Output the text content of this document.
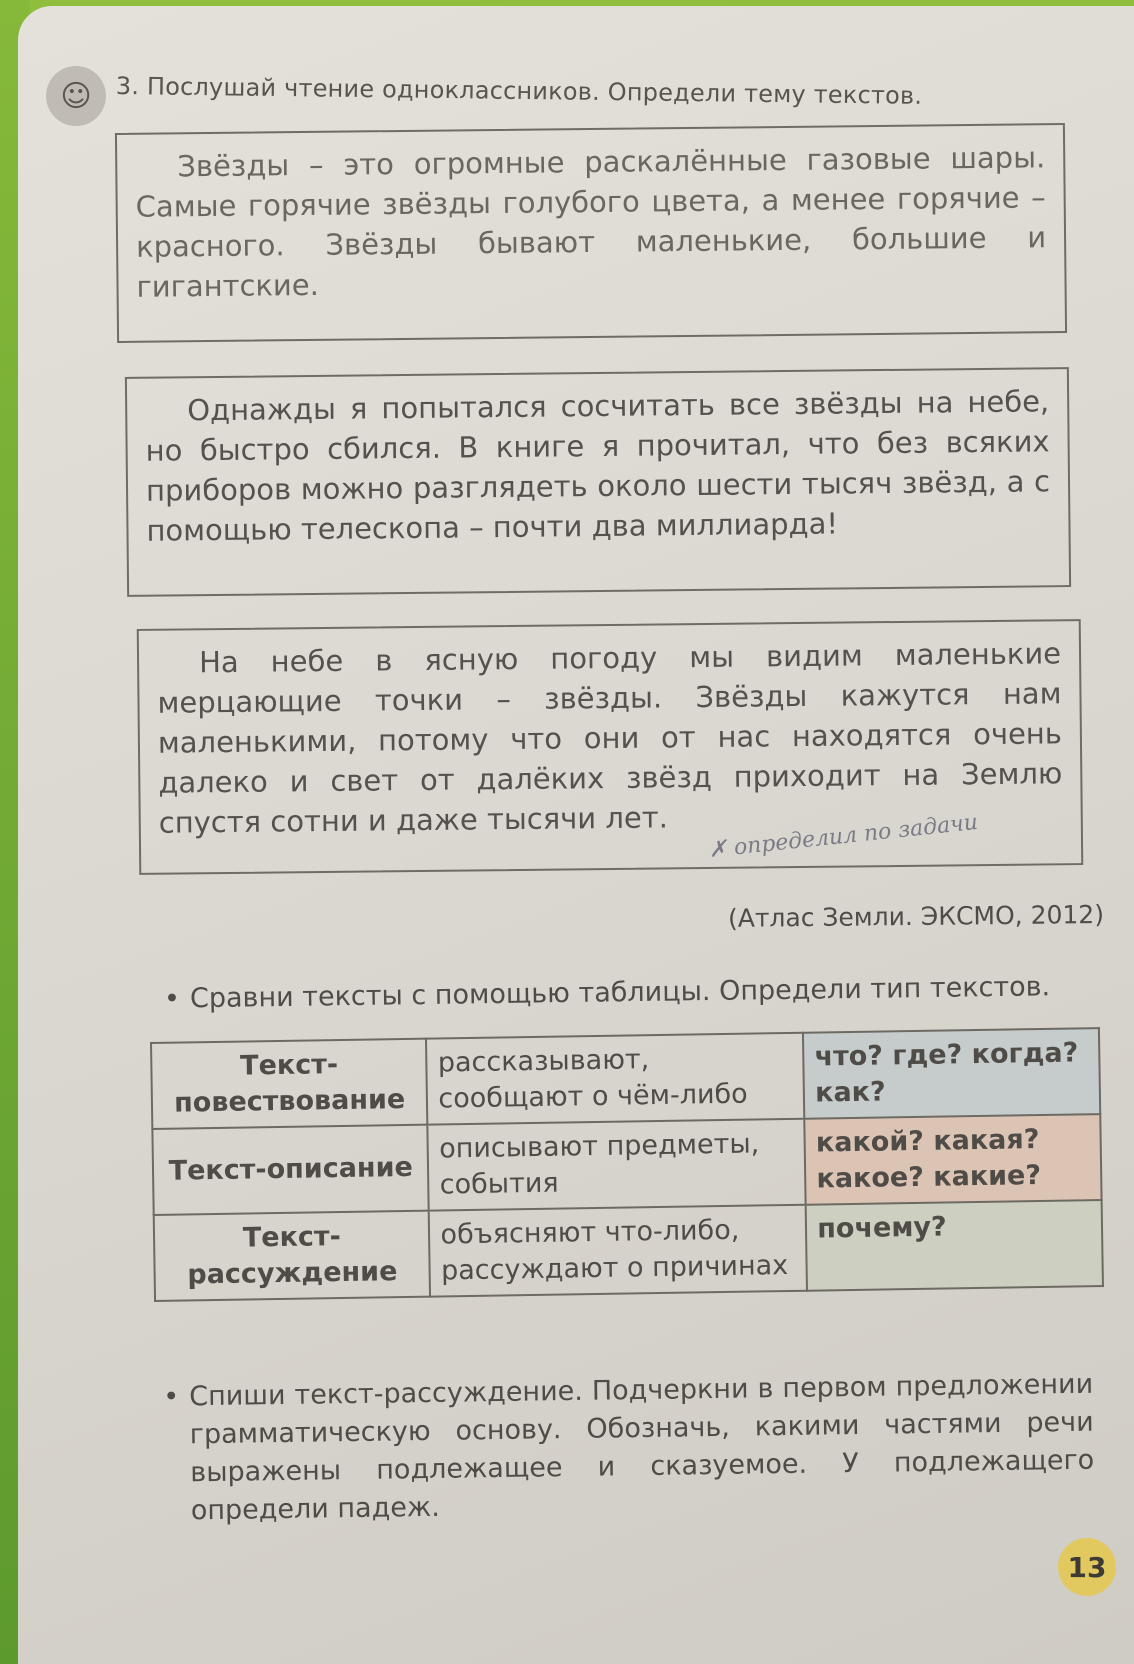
☺	3. Послушай чтение одноклассников. Определи тему текстов.

Звёзды – это огромные раскалённые газовые шары. Самые горячие звёзды голубого цвета, а менее горячие – красного. Звёзды бывают маленькие, большие и гигантские.

Однажды я попытался сосчитать все звёзды на небе, но быстро сбился. В книге я прочитал, что без всяких приборов можно разглядеть около шести тысяч звёзд, а с помощью телескопа – почти два миллиарда!

На небе в ясную погоду мы видим маленькие мерцающие точки – звёзды. Звёзды кажутся нам маленькими, потому что они от нас находятся очень далеко и свет от далёких звёзд приходит на Землю спустя сотни и даже тысячи лет.	✗ определил по задачи
(Атлас Земли. ЭКСМО, 2012)
• Сравни тексты с помощью таблицы. Определи тип текстов.
Текст-повествование	рассказывают, сообщают о чём-либо	что? где? когда? как?
Текст-описание	описывают предметы, события	какой? какая? какое? какие?
Текст-рассуждение	объясняют что-либо, рассуждают о причинах	почему?
• Спиши текст-рассуждение. Подчеркни в первом предложении грамматическую основу. Обозначь, какими частями речи выражены подлежащее и сказуемое. У подлежащего определи падеж.
13
